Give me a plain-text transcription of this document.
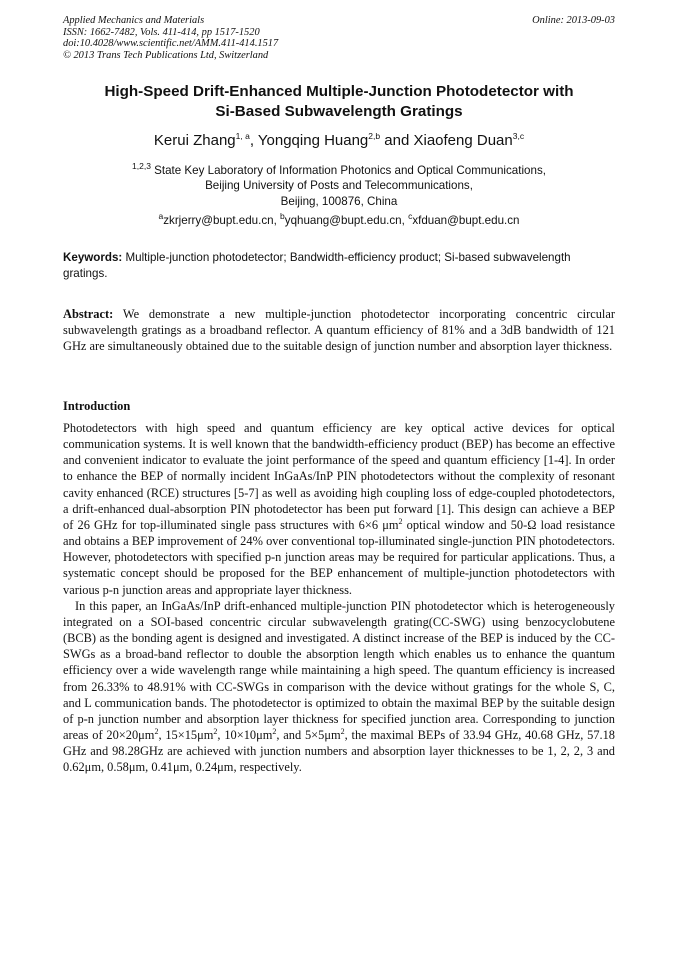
Applied Mechanics and Materials
ISSN: 1662-7482, Vols. 411-414, pp 1517-1520
doi:10.4028/www.scientific.net/AMM.411-414.1517
© 2013 Trans Tech Publications Ltd, Switzerland
Online: 2013-09-03
High-Speed Drift-Enhanced Multiple-Junction Photodetector with
Si-Based Subwavelength Gratings
Kerui Zhang$^{1, a}$, Yongqing Huang$^{2,b}$ and Xiaofeng Duan$^{3,c}$
$^{1,2,3}$ State Key Laboratory of Information Photonics and Optical Communications,
Beijing University of Posts and Telecommunications,
Beijing, 100876, China
$^a$zkrjerry@bupt.edu.cn, $^b$yqhuang@bupt.edu.cn, $^c$xfduan@bupt.edu.cn
Keywords: Multiple-junction photodetector; Bandwidth-efficiency product; Si-based subwavelength gratings.
Abstract: We demonstrate a new multiple-junction photodetector incorporating concentric circular subwavelength gratings as a broadband reflector. A quantum efficiency of 81% and a 3dB bandwidth of 121 GHz are simultaneously obtained due to the suitable design of junction number and absorption layer thickness.
Introduction

Photodetectors with high speed and quantum efficiency are key optical active devices for optical communication systems. It is well known that the bandwidth-efficiency product (BEP) has become an effective and convenient indicator to evaluate the joint performance of the speed and quantum efficiency [1-4]. In order to enhance the BEP of normally incident InGaAs/InP PIN photodetectors without the complexity of resonant cavity enhanced (RCE) structures [5-7] as well as avoiding high coupling loss of edge-coupled photodetectors, a drift-enhanced dual-absorption PIN photodetector has been put forward [1]. This design can achieve a BEP of 26 GHz for top-illuminated single pass structures with 6×6 $\mu m^2$ optical window and 50-Ω load resistance and obtains a BEP improvement of 24% over conventional top-illuminated single-junction PIN photodetectors. However, photodetectors with specified p-n junction areas may be required for particular applications. Thus, a systematic concept should be proposed for the BEP enhancement of multiple-junction photodetectors with various p-n junction areas and appropriate layer thickness.

In this paper, an InGaAs/InP drift-enhanced multiple-junction PIN photodetector which is heterogeneously integrated on a SOI-based concentric circular subwavelength grating(CC-SWG) using benzocyclobutene (BCB) as the bonding agent is designed and investigated. A distinct increase of the BEP is induced by the CC-SWGs as a broad-band reflector to double the absorption length which enables us to enhance the quantum efficiency over a wide wavelength range while maintaining a high speed. The quantum efficiency is increased from 26.33% to 48.91% with CC-SWGs in comparison with the device without gratings for the whole S, C, and L communication bands. The photodetector is optimized to obtain the maximal BEP by the suitable design of p-n junction number and absorption layer thickness for specified junction area. Corresponding to junction areas of $20\times 20\mu m^2$, $15\times 15\mu m^2$, $10\times 10\mu m^2$, and $5\times 5\mu m^2$, the maximal BEPs of 33.94 GHz, 40.68 GHz, 57.18 GHz and 98.28GHz are achieved with junction numbers and absorption layer thicknesses to be 1, 2, 2, 3 and 0.62μm, 0.58μm, 0.41μm, 0.24μm, respectively.
